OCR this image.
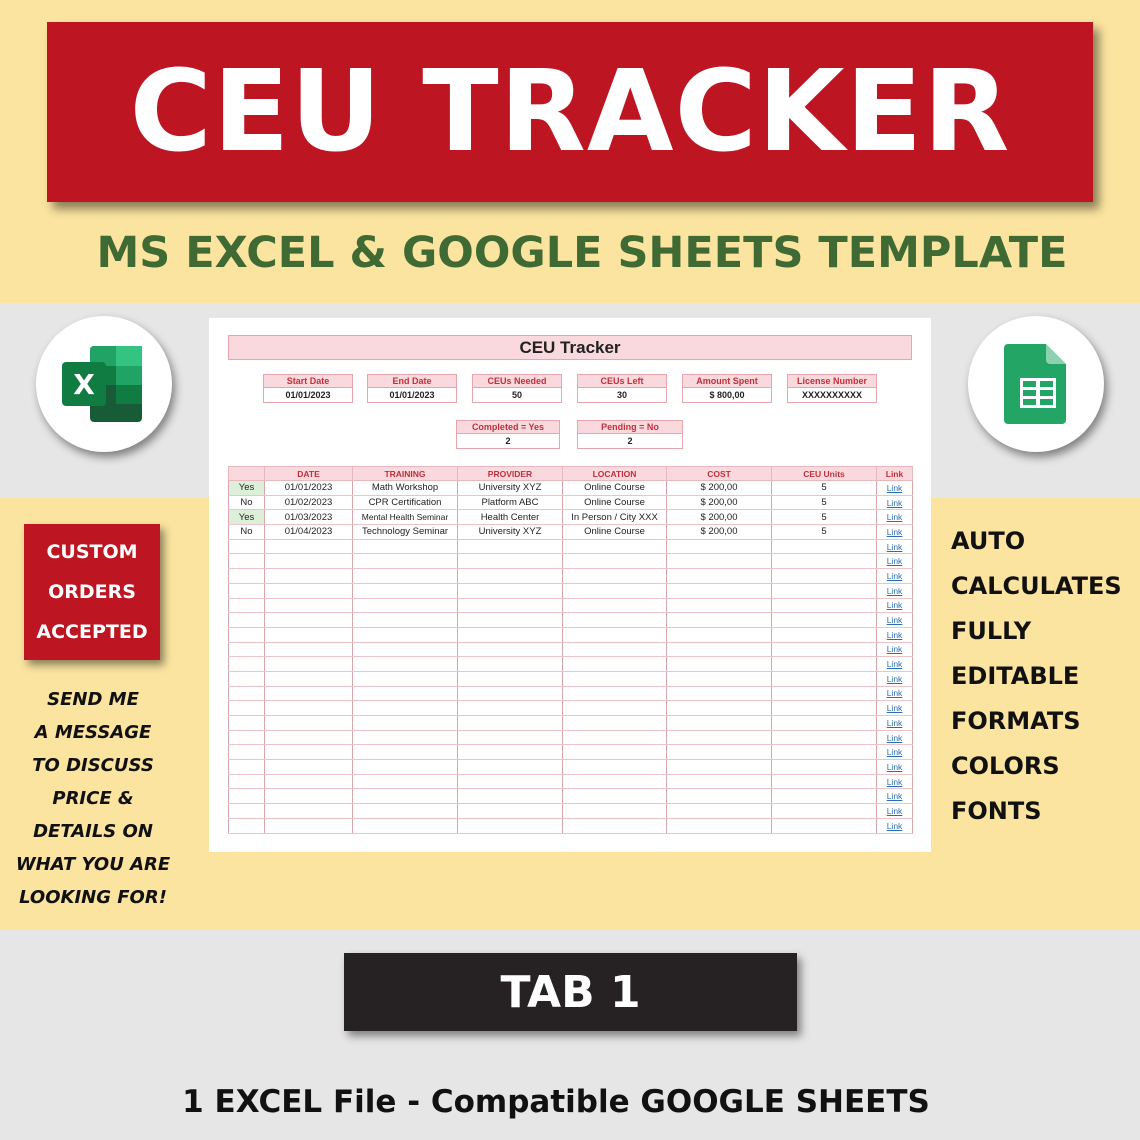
CEU TRACKER
MS EXCEL & GOOGLE SHEETS TEMPLATE
X
CEU Tracker
Start Date
01/01/2023
End Date
01/01/2023
CEUs Needed
50
CEUs Left
30
Amount Spent
$ 800,00
License Number
XXXXXXXXXX
Completed = Yes
2
Pending = No
2
	DATE	TRAINING	PROVIDER	LOCATION	COST	CEU Units	Link
Yes	01/01/2023	Math Workshop	University XYZ	Online Course	$ 200,00	5	Link
No	01/02/2023	CPR Certification	Platform ABC	Online Course	$ 200,00	5	Link
Yes	01/03/2023	Mental Health Seminar	Health Center	In Person / City XXX	$ 200,00	5	Link
No	01/04/2023	Technology Seminar	University XYZ	Online Course	$ 200,00	5	Link
							Link
							Link
							Link
							Link
							Link
							Link
							Link
							Link
							Link
							Link
							Link
							Link
							Link
							Link
							Link
							Link
							Link
							Link
							Link
							Link
CUSTOM
ORDERS
ACCEPTED
SEND ME
A MESSAGE
TO DISCUSS
PRICE &
DETAILS ON
WHAT YOU ARE
LOOKING FOR!
AUTO
CALCULATES
FULLY
EDITABLE
FORMATS
COLORS
FONTS
TAB 1
1 EXCEL File - Compatible GOOGLE SHEETS
